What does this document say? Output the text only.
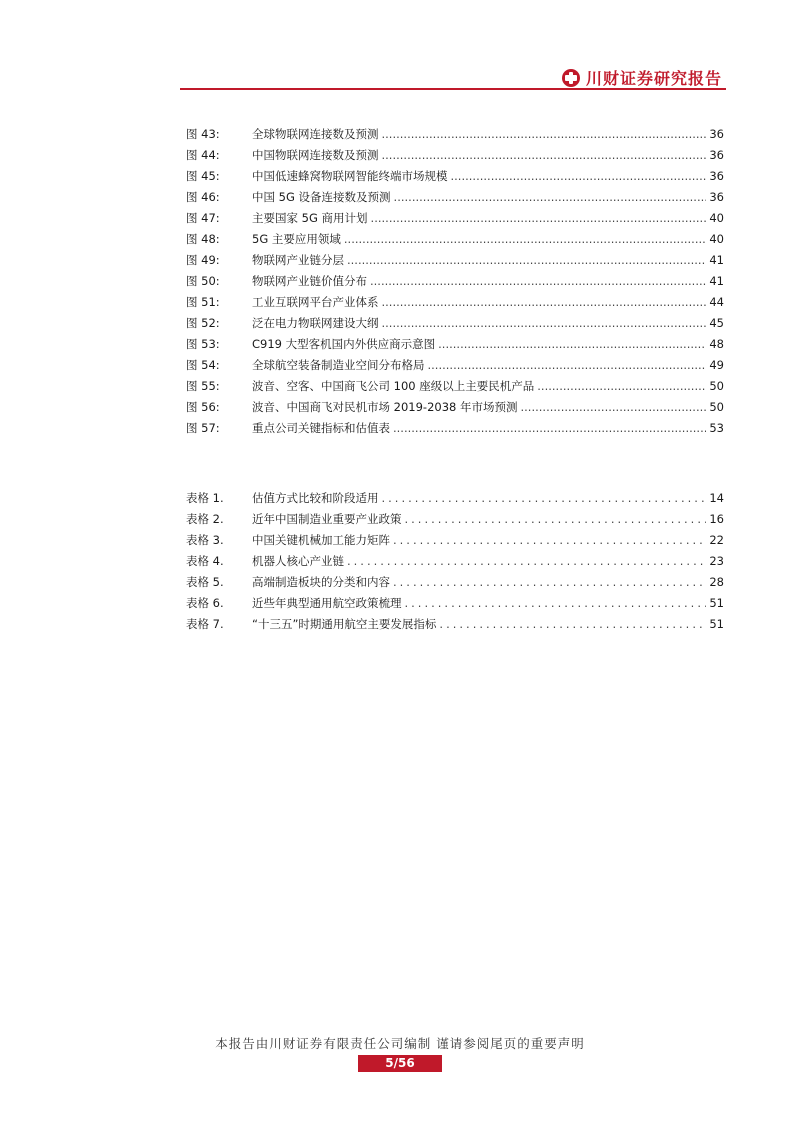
川财证券研究报告
图 43:	全球物联网连接数及预测 .....	36
图 44:	中国物联网连接数及预测 .....	36
图 45:	中国低速蜂窝物联网智能终端市场规模 .....	36
图 46:	中国 5G 设备连接数及预测 .....	36
图 47:	主要国家 5G 商用计划 .....	40
图 48:	5G 主要应用领域 .....	40
图 49:	物联网产业链分层 .....	41
图 50:	物联网产业链价值分布 .....	41
图 51:	工业互联网平台产业体系 .....	44
图 52:	泛在电力物联网建设大纲 .....	45
图 53:	C919 大型客机国内外供应商示意图 .....	48
图 54:	全球航空装备制造业空间分布格局 .....	49
图 55:	波音、空客、中国商飞公司 100 座级以上主要民机产品 .....	50
图 56:	波音、中国商飞对民机市场 2019-2038 年市场预测 .....	50
图 57:	重点公司关键指标和估值表 .....	53
表格 1.	估值方式比较和阶段适用 .....	14
表格 2.	近年中国制造业重要产业政策 .....	16
表格 3.	中国关键机械加工能力矩阵 .....	22
表格 4.	机器人核心产业链 .....	23
表格 5.	高端制造板块的分类和内容 .....	28
表格 6.	近些年典型通用航空政策梳理 .....	51
表格 7.	“十三五”时期通用航空主要发展指标 .....	51
本报告由川财证券有限责任公司编制 谨请参阅尾页的重要声明
5/56
